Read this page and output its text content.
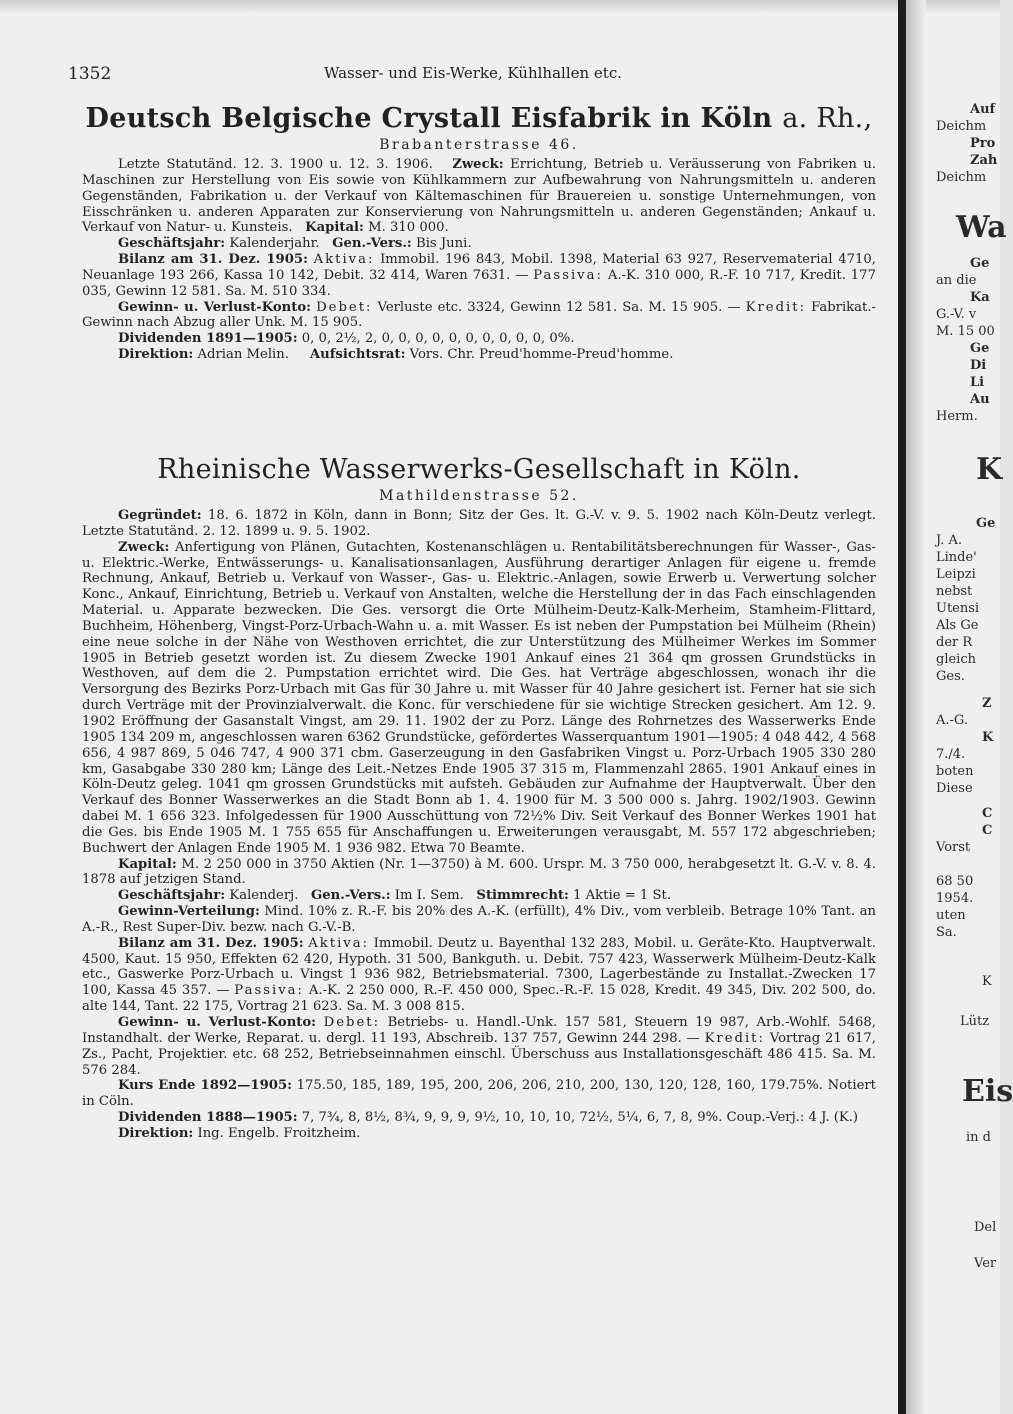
1352	Wasser- und Eis-Werke, Kühlhallen etc.
Deutsch Belgische Crystall Eisfabrik in Köln a. Rh.,
Brabanterstrasse 46.

Letzte Statutänd. 12. 3. 1900 u. 12. 3. 1906. Zweck: Errichtung, Betrieb u. Veräusserung von Fabriken u. Maschinen zur Herstellung von Eis sowie von Kühlkammern zur Aufbewahrung von Nahrungsmitteln u. anderen Gegenständen, Fabrikation u. der Verkauf von Kältemaschinen für Brauereien u. sonstige Unternehmungen, von Eisschränken u. anderen Apparaten zur Konservierung von Nahrungsmitteln u. anderen Gegenständen; Ankauf u. Verkauf von Natur- u. Kunsteis. Kapital: M. 310 000.

Geschäftsjahr: Kalenderjahr. Gen.-Vers.: Bis Juni.

Bilanz am 31. Dez. 1905: Aktiva: Immobil. 196 843, Mobil. 1398, Material 63 927, Reservematerial 4710, Neuanlage 193 266, Kassa 10 142, Debit. 32 414, Waren 7631. — Passiva: A.-K. 310 000, R.-F. 10 717, Kredit. 177 035, Gewinn 12 581. Sa. M. 510 334.

Gewinn- u. Verlust-Konto: Debet: Verluste etc. 3324, Gewinn 12 581. Sa. M. 15 905. — Kredit: Fabrikat.-Gewinn nach Abzug aller Unk. M. 15 905.

Dividenden 1891—1905: 0, 0, 2½, 2, 0, 0, 0, 0, 0, 0, 0, 0, 0, 0, 0%.

Direktion: Adrian Melin. Aufsichtsrat: Vors. Chr. Preud'homme-Preud'homme.

Rheinische Wasserwerks-Gesellschaft in Köln.
Mathildenstrasse 52.

Gegründet: 18. 6. 1872 in Köln, dann in Bonn; Sitz der Ges. lt. G.-V. v. 9. 5. 1902 nach Köln-Deutz verlegt. Letzte Statutänd. 2. 12. 1899 u. 9. 5. 1902.

Zweck: Anfertigung von Plänen, Gutachten, Kostenanschlägen u. Rentabilitätsberechnungen für Wasser-, Gas- u. Elektric.-Werke, Entwässerungs- u. Kanalisationsanlagen, Ausführung derartiger Anlagen für eigene u. fremde Rechnung, Ankauf, Betrieb u. Verkauf von Wasser-, Gas- u. Elektric.-Anlagen, sowie Erwerb u. Verwertung solcher Konc., Ankauf, Einrichtung, Betrieb u. Verkauf von Anstalten, welche die Herstellung der in das Fach einschlagenden Material. u. Apparate bezwecken. Die Ges. versorgt die Orte Mülheim-Deutz-Kalk-Merheim, Stamheim-Flittard, Buchheim, Höhenberg, Vingst-Porz-Urbach-Wahn u. a. mit Wasser. Es ist neben der Pumpstation bei Mülheim (Rhein) eine neue solche in der Nähe von Westhoven errichtet, die zur Unterstützung des Mülheimer Werkes im Sommer 1905 in Betrieb gesetzt worden ist. Zu diesem Zwecke 1901 Ankauf eines 21 364 qm grossen Grundstücks in Westhoven, auf dem die 2. Pumpstation errichtet wird. Die Ges. hat Verträge abgeschlossen, wonach ihr die Versorgung des Bezirks Porz-Urbach mit Gas für 30 Jahre u. mit Wasser für 40 Jahre gesichert ist. Ferner hat sie sich durch Verträge mit der Provinzialverwalt. die Konc. für verschiedene für sie wichtige Strecken gesichert. Am 12. 9. 1902 Eröffnung der Gasanstalt Vingst, am 29. 11. 1902 der zu Porz. Länge des Rohrnetzes des Wasserwerks Ende 1905 134 209 m, angeschlossen waren 6362 Grundstücke, gefördertes Wasserquantum 1901—1905: 4 048 442, 4 568 656, 4 987 869, 5 046 747, 4 900 371 cbm. Gaserzeugung in den Gasfabriken Vingst u. Porz-Urbach 1905 330 280 km, Gasabgabe 330 280 km; Länge des Leit.-Netzes Ende 1905 37 315 m, Flammenzahl 2865. 1901 Ankauf eines in Köln-Deutz geleg. 1041 qm grossen Grundstücks mit aufsteh. Gebäuden zur Aufnahme der Hauptverwalt. Über den Verkauf des Bonner Wasserwerkes an die Stadt Bonn ab 1. 4. 1900 für M. 3 500 000 s. Jahrg. 1902/1903. Gewinn dabei M. 1 656 323. Infolgedessen für 1900 Ausschüttung von 72½% Div. Seit Verkauf des Bonner Werkes 1901 hat die Ges. bis Ende 1905 M. 1 755 655 für Anschaffungen u. Erweiterungen verausgabt, M. 557 172 abgeschrieben; Buchwert der Anlagen Ende 1905 M. 1 936 982. Etwa 70 Beamte.

Kapital: M. 2 250 000 in 3750 Aktien (Nr. 1—3750) à M. 600. Urspr. M. 3 750 000, herabgesetzt lt. G.-V. v. 8. 4. 1878 auf jetzigen Stand.

Geschäftsjahr: Kalenderj. Gen.-Vers.: Im I. Sem. Stimmrecht: 1 Aktie = 1 St.

Gewinn-Verteilung: Mind. 10% z. R.-F. bis 20% des A.-K. (erfüllt), 4% Div., vom verbleib. Betrage 10% Tant. an A.-R., Rest Super-Div. bezw. nach G.-V.-B.

Bilanz am 31. Dez. 1905: Aktiva: Immobil. Deutz u. Bayenthal 132 283, Mobil. u. Geräte-Kto. Hauptverwalt. 4500, Kaut. 15 950, Effekten 62 420, Hypoth. 31 500, Bankguth. u. Debit. 757 423, Wasserwerk Mülheim-Deutz-Kalk etc., Gaswerke Porz-Urbach u. Vingst 1 936 982, Betriebsmaterial. 7300, Lagerbestände zu Installat.-Zwecken 17 100, Kassa 45 357. — Passiva: A.-K. 2 250 000, R.-F. 450 000, Spec.-R.-F. 15 028, Kredit. 49 345, Div. 202 500, do. alte 144, Tant. 22 175, Vortrag 21 623. Sa. M. 3 008 815.

Gewinn- u. Verlust-Konto: Debet: Betriebs- u. Handl.-Unk. 157 581, Steuern 19 987, Arb.-Wohlf. 5468, Instandhalt. der Werke, Reparat. u. dergl. 11 193, Abschreib. 137 757, Gewinn 244 298. — Kredit: Vortrag 21 617, Zs., Pacht, Projektier. etc. 68 252, Betriebseinnahmen einschl. Überschuss aus Installationsgeschäft 486 415. Sa. M. 576 284.

Kurs Ende 1892—1905: 175.50, 185, 189, 195, 200, 206, 206, 210, 200, 130, 120, 128, 160, 179.75%. Notiert in Cöln.

Dividenden 1888—1905: 7, 7¾, 8, 8½, 8¾, 9, 9, 9, 9½, 10, 10, 10, 72½, 5¼, 6, 7, 8, 9%. Coup.-Verj.: 4 J. (K.)

Direktion: Ing. Engelb. Froitzheim.

Auf
Deichm
Pro
Zah
Deichm
Wa
Ge
an die
Ka
G.-V. v
M. 15 00
Ge
Di
Li
Au
Herm.
K
Ge
J. A.
Linde'
Leipzi
nebst
Utensi
Als Ge
der R
gleich
Ges.
Z
A.-G.
K
7./4.
boten
Diese
C
C
Vorst
68 50
1954.
uten
Sa.
K
Lütz
Eis
in d
Del
Ver
